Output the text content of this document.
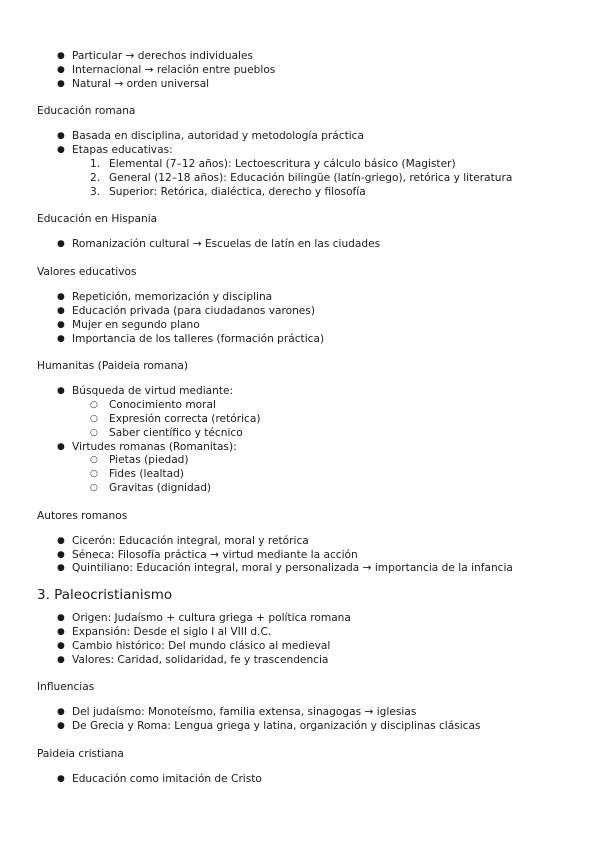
● Particular → derechos individuales
● Internacional → relación entre pueblos
● Natural → orden universal
Educación romana
● Basada en disciplina, autoridad y metodología práctica
● Etapas educativas:
1. Elemental (7–12 años): Lectoescritura y cálculo básico (Magister)
2. General (12–18 años): Educación bilingüe (latín-griego), retórica y literatura
3. Superior: Retórica, dialéctica, derecho y filosofía
Educación en Hispania
● Romanización cultural → Escuelas de latín en las ciudades
Valores educativos
● Repetición, memorización y disciplina
● Educación privada (para ciudadanos varones)
● Mujer en segundo plano
● Importancia de los talleres (formación práctica)
Humanitas (Paideia romana)
● Búsqueda de virtud mediante:
○ Conocimiento moral
○ Expresión correcta (retórica)
○ Saber científico y técnico
● Virtudes romanas (Romanitas):
○ Pietas (piedad)
○ Fides (lealtad)
○ Gravitas (dignidad)
Autores romanos
● Cicerón: Educación integral, moral y retórica
● Séneca: Filosofía práctica → virtud mediante la acción
● Quintiliano: Educación integral, moral y personalizada → importancia de la infancia
3. Paleocristianismo
● Origen: Judaísmo + cultura griega + política romana
● Expansión: Desde el siglo I al VIII d.C.
● Cambio histórico: Del mundo clásico al medieval
● Valores: Caridad, solidaridad, fe y trascendencia
Influencias
● Del judaísmo: Monoteísmo, familia extensa, sinagogas → iglesias
● De Grecia y Roma: Lengua griega y latina, organización y disciplinas clásicas
Paideia cristiana
● Educación como imitación de Cristo
